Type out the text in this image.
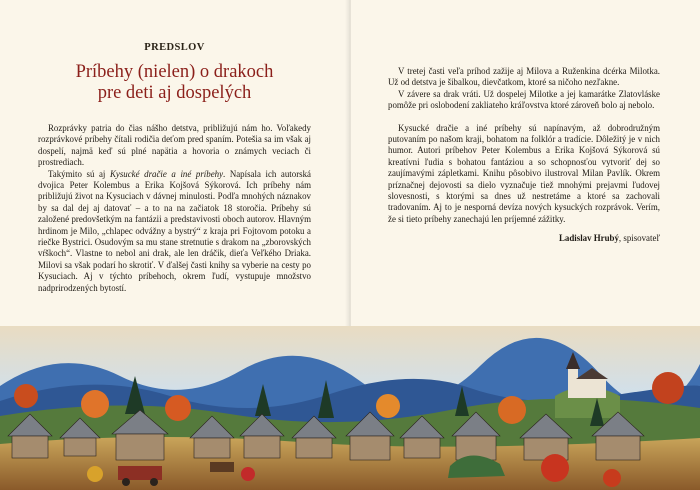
PREDSLOV
Príbehy (nielen) o drakoch
pre deti aj dospelých

Rozprávky patria do čias nášho detstva, približujú nám ho. Voľakedy rozprávkové príbehy čítali rodičia deťom pred spaním. Potešia sa im však aj dospelí, najmä keď sú plné napätia a hovoria o známych veciach či prostrediach.

Takýmito sú aj Kysucké dračie a iné príbehy. Napísala ich autorská dvojica Peter Kolembus a Erika Kojšová Sýkorová. Ich príbehy nám približujú život na Kysuciach v dávnej minulosti. Podľa mnohých náznakov by sa dal dej aj datovať – a to na na začiatok 18 storočia. Príbehy sú založené predovšetkým na fantázii a predstavivosti oboch autorov. Hlavným hrdinom je Milo, „chlapec odvážny a bystrý“ z kraja pri Fojtovom potoku a riečke Bystrici. Osudovým sa mu stane stretnutie s drakom na „zborovských vŕškoch“. Vlastne to nebol ani drak, ale len dráčik, dieťa Veľkého Driaka. Milovi sa však podarí ho skrotiť. V ďalšej časti knihy sa vyberie na cesty po Kysuciach. Aj v týchto príbehoch, okrem ľudí, vystupuje množstvo nadprirodzených bytostí.

V tretej časti veľa príhod zažije aj Milova a Ruženkina dcérka Milotka. Už od detstva je šibalkou, dievčatkom, ktoré sa ničoho nezľakne.

V závere sa drak vráti. Už dospelej Milotke a jej kamarátke Zlatovláske pomôže pri oslobodení zakliateho kráľovstva ktoré zároveň bolo aj nebolo.

Kysucké dračie a iné príbehy sú napínavým, až dobrodružným putovaním po našom kraji, bohatom na folklór a tradície. Dôležitý je v nich humor. Autori príbehov Peter Kolembus a Erika Kojšová Sýkorová sú kreatívni ľudia s bohatou fantáziou a so schopnosťou vytvoriť dej so zaujímavými zápletkami. Knihu pôsobivo ilustroval Milan Pavlík. Okrem príznačnej dejovosti sa dielo vyznačuje tiež mnohými prejavmi ľudovej slovesnosti, s ktorými sa dnes už nestretáme a ktoré sa zachovali tradovaním. Aj to je nesporná devíza nových kysuckých rozprávok. Verím, že si tieto príbehy zanechajú len príjemné zážitky.

Ladislav Hrubý, spisovateľ
